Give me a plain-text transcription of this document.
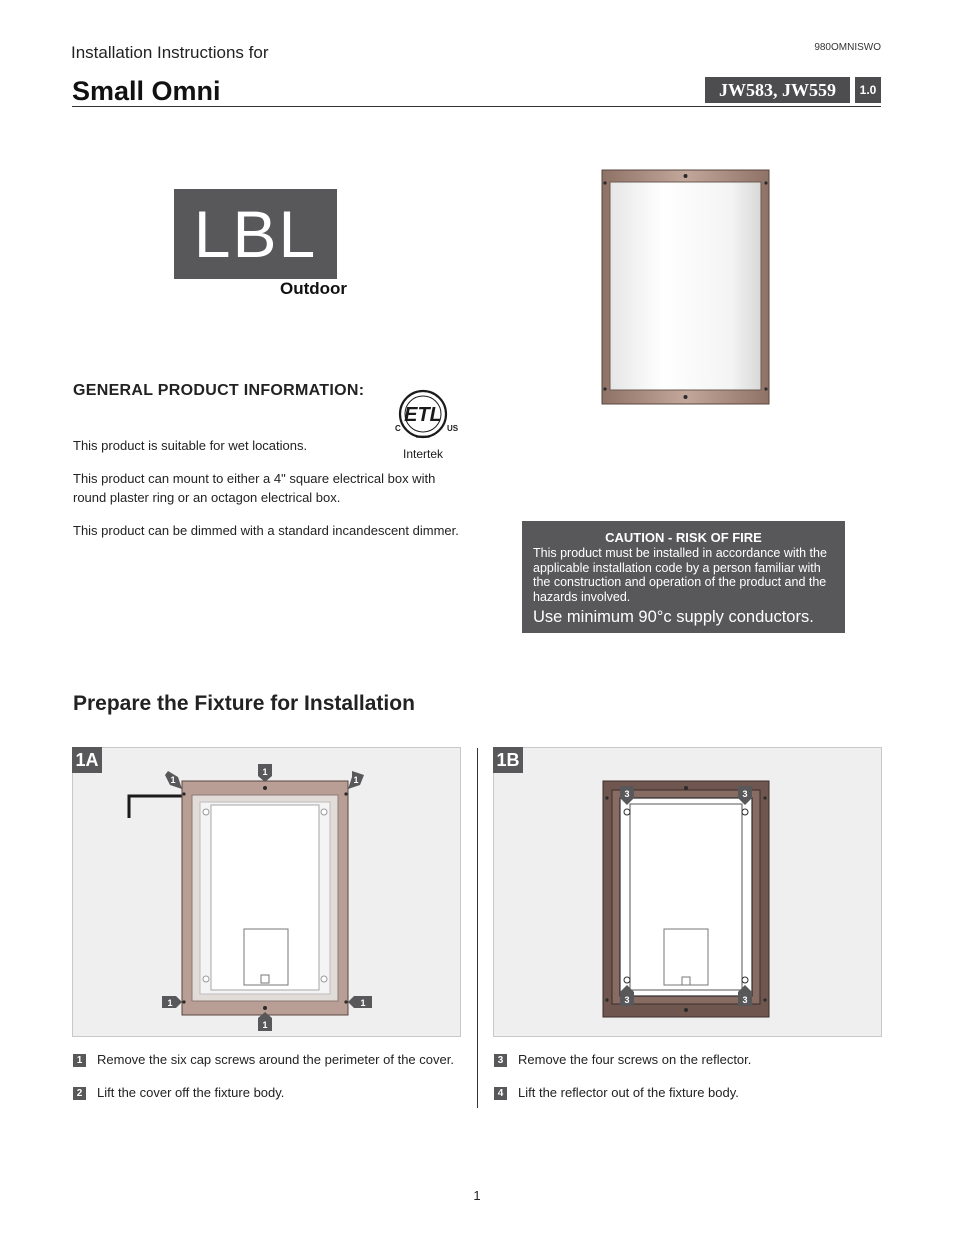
Installation Instructions for	980OMNISWO
Small Omni	JW583, JW559	1.0
LBL
Outdoor
GENERAL PRODUCT INFORMATION:
ETL
C	US
LISTED
Intertek
This product is suitable for wet locations.
This product can mount to either a 4" square electrical box with round plaster ring or an octagon electrical box.
This product can be dimmed with a standard incandescent dimmer.	CAUTION - RISK OF FIRE
This product must be installed in accordance with the applicable installation code by a person familiar with the construction and operation of the product and the hazards involved.
Use minimum 90°c supply conductors.
Prepare the Fixture for Installation
1A
1
1
1
1	1
1
1B
3	3
3	3
1 Remove the six cap screws around the perimeter of the cover.
2 Lift the cover off the fixture body.
3 Remove the four screws on the reflector.
4 Lift the reflector out of the fixture body.
1
